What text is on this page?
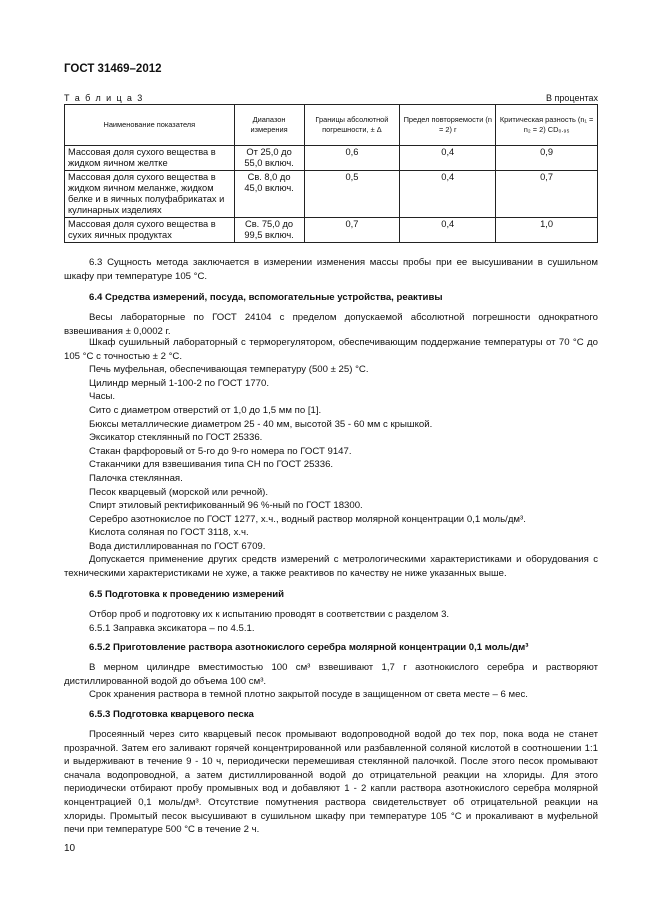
ГОСТ 31469–2012
Т а б л и ц а 3	В процентах
Наименование показателя	Диапазон измерения	Границы абсолютной погрешности, ± Δ	Предел повторяемости (n = 2) r	Критическая разность (n₁ = n₂ = 2) CD₀.₉₅
Массовая доля сухого вещества в жидком яичном желтке	От 25,0 до 55,0 включ.	0,6	0,4	0,9
Массовая доля сухого вещества в жидком яичном меланже, жидком белке и в яичных полуфабрикатах и кулинарных изделиях	Св. 8,0 до 45,0 включ.	0,5	0,4	0,7
Массовая доля сухого вещества в сухих яичных продуктах	Св. 75,0 до 99,5 включ.	0,7	0,4	1,0
6.3 Сущность метода заключается в измерении изменения массы пробы при ее высушивании в сушильном шкафу при температуре 105 °С.
6.4 Средства измерений, посуда, вспомогательные устройства, реактивы
Весы лабораторные по ГОСТ 24104 с пределом допускаемой абсолютной погрешности однократного взвешивания ± 0,0002 г.
Шкаф сушильный лабораторный с терморегулятором, обеспечивающим поддержание температуры от 70 °С до 105 °С с точностью ± 2 °С.
Печь муфельная, обеспечивающая температуру (500 ± 25) °С.
Цилиндр мерный 1-100-2 по ГОСТ 1770.
Часы.
Сито с диаметром отверстий от 1,0 до 1,5 мм по [1].
Бюксы металлические диаметром 25 - 40 мм, высотой 35 - 60 мм с крышкой.
Эксикатор стеклянный по ГОСТ 25336.
Стакан фарфоровый от 5-го до 9-го номера по ГОСТ 9147.
Стаканчики для взвешивания типа СН по ГОСТ 25336.
Палочка стеклянная.
Песок кварцевый (морской или речной).
Спирт этиловый ректификованный 96 %-ный по ГОСТ 18300.
Серебро азотнокислое по ГОСТ 1277, х.ч., водный раствор молярной концентрации 0,1 моль/дм³.
Кислота соляная по ГОСТ 3118, х.ч.
Вода дистиллированная по ГОСТ 6709.
Допускается применение других средств измерений с метрологическими характеристиками и оборудования с техническими характеристиками не хуже, а также реактивов по качеству не ниже указанных выше.
6.5 Подготовка к проведению измерений
Отбор проб и подготовку их к испытанию проводят в соответствии с разделом 3.
6.5.1 Заправка эксикатора – по 4.5.1.
6.5.2 Приготовление раствора азотнокислого серебра молярной концентрации 0,1 моль/дм³
В мерном цилиндре вместимостью 100 см³ взвешивают 1,7 г азотнокислого серебра и растворяют дистиллированной водой до объема 100 см³.
Срок хранения раствора в темной плотно закрытой посуде в защищенном от света месте – 6 мес.
6.5.3 Подготовка кварцевого песка
Просеянный через сито кварцевый песок промывают водопроводной водой до тех пор, пока вода не станет прозрачной. Затем его заливают горячей концентрированной или разбавленной соляной кислотой в соотношении 1:1 и выдерживают в течение 9 - 10 ч, периодически перемешивая стеклянной палочкой. После этого песок промывают сначала водопроводной, а затем дистиллированной водой до отрицательной реакции на хлориды. Для этого периодически отбирают пробу промывных вод и добавляют 1 - 2 капли раствора азотнокислого серебра молярной концентрацией 0,1 моль/дм³. Отсутствие помутнения раствора свидетельствует об отрицательной реакции на хлориды. Промытый песок высушивают в сушильном шкафу при температуре 105 °С и прокаливают в муфельной печи при температуре 500 °С в течение 2 ч.
10
